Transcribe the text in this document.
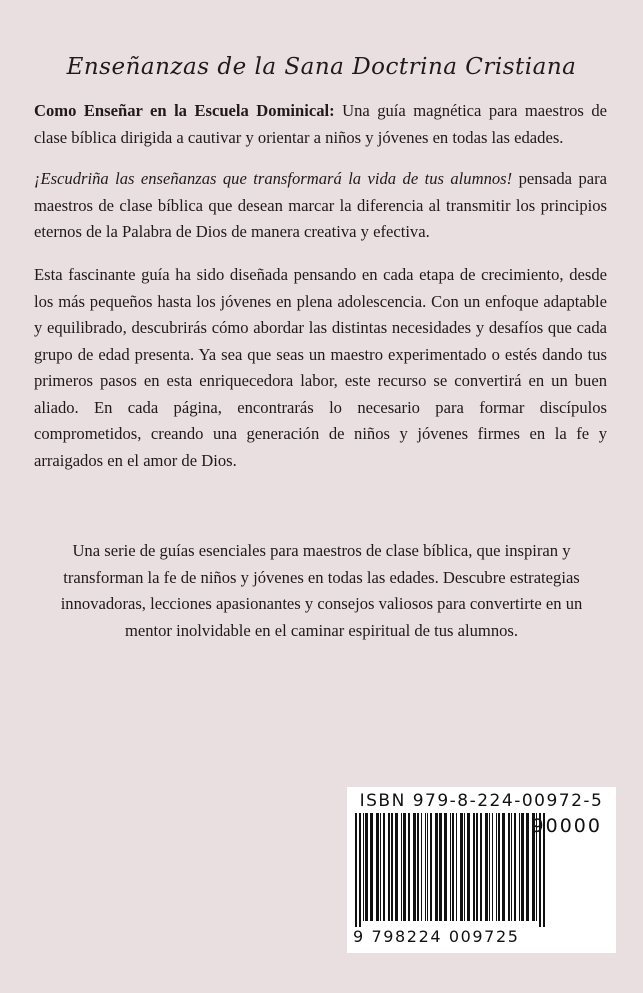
Enseñanzas de la Sana Doctrina Cristiana

Como Enseñar en la Escuela Dominical: Una guía magnética para maestros de clase bíblica dirigida a cautivar y orientar a niños y jóvenes en todas las edades.

¡Escudriña las enseñanzas que transformará la vida de tus alumnos! pensada para maestros de clase bíblica que desean marcar la diferencia al transmitir los principios eternos de la Palabra de Dios de manera creativa y efectiva.

Esta fascinante guía ha sido diseñada pensando en cada etapa de crecimiento, desde los más pequeños hasta los jóvenes en plena adolescencia. Con un enfoque adaptable y equilibrado, descubrirás cómo abordar las distintas necesidades y desafíos que cada grupo de edad presenta. Ya sea que seas un maestro experimentado o estés dando tus primeros pasos en esta enriquecedora labor, este recurso se convertirá en un buen aliado. En cada página, encontrarás lo necesario para formar discípulos comprometidos, creando una generación de niños y jóvenes firmes en la fe y arraigados en el amor de Dios.

Una serie de guías esenciales para maestros de clase bíblica, que inspiran y transforman la fe de niños y jóvenes en todas las edades. Descubre estrategias innovadoras, lecciones apasionantes y consejos valiosos para convertirte en un mentor inolvidable en el caminar espiritual de tus alumnos.

ISBN 979-8-224-00972-5
90000
9 798224 009725
